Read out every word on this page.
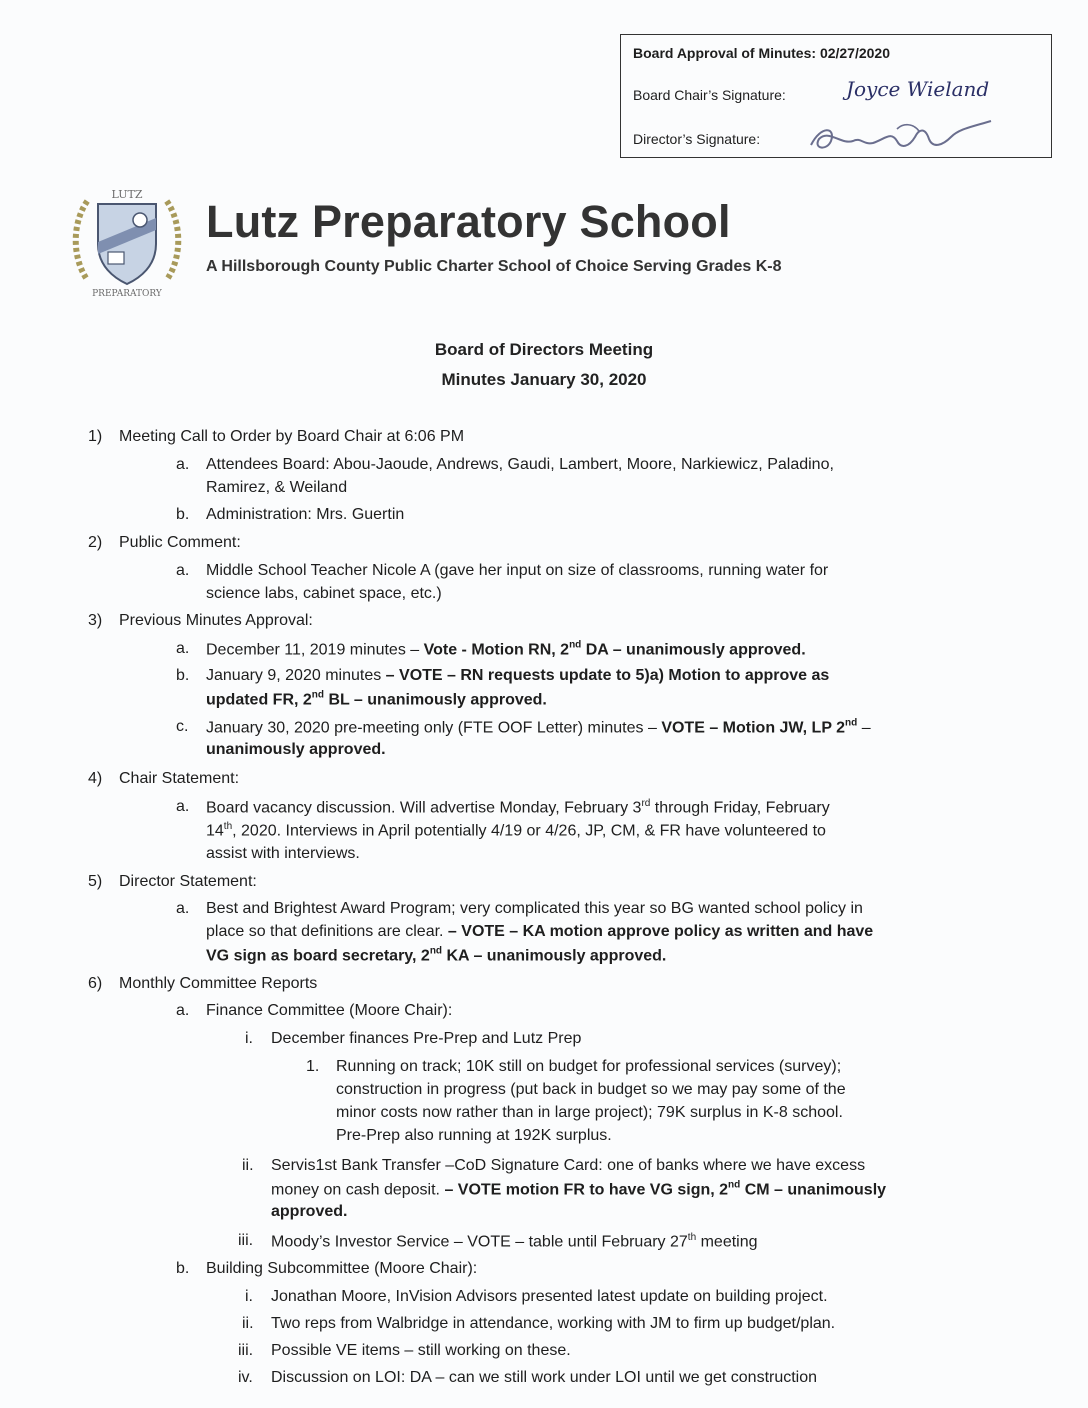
Board Approval of Minutes: 02/27/2020
Board Chair’s Signature:	Joyce Wieland
Director’s Signature:
LUTZ
PREPARATORY
Lutz Preparatory School
A Hillsborough County Public Charter School of Choice Serving Grades K-8
Board of Directors Meeting
Minutes January 30, 2020
1) Meeting Call to Order by Board Chair at 6:06 PM
a. Attendees Board: Abou-Jaoude, Andrews, Gaudi, Lambert, Moore, Narkiewicz, Paladino,
Ramirez, & Weiland
b. Administration: Mrs. Guertin
2) Public Comment:
a. Middle School Teacher Nicole A (gave her input on size of classrooms, running water for
science labs, cabinet space, etc.)
3) Previous Minutes Approval:
a. December 11, 2019 minutes – Vote - Motion RN, 2nd DA – unanimously approved.
b. January 9, 2020 minutes – VOTE – RN requests update to 5)a) Motion to approve as
updated FR, 2nd BL – unanimously approved.
c. January 30, 2020 pre-meeting only (FTE OOF Letter) minutes – VOTE – Motion JW, LP 2nd –
unanimously approved.
4) Chair Statement:
a. Board vacancy discussion. Will advertise Monday, February 3rd through Friday, February
14th, 2020. Interviews in April potentially 4/19 or 4/26, JP, CM, & FR have volunteered to
assist with interviews.
5) Director Statement:
a. Best and Brightest Award Program; very complicated this year so BG wanted school policy in
place so that definitions are clear. – VOTE – KA motion approve policy as written and have
VG sign as board secretary, 2nd KA – unanimously approved.
6) Monthly Committee Reports
a. Finance Committee (Moore Chair):
i. December finances Pre-Prep and Lutz Prep
1. Running on track; 10K still on budget for professional services (survey);
construction in progress (put back in budget so we may pay some of the
minor costs now rather than in large project); 79K surplus in K-8 school.
Pre-Prep also running at 192K surplus.
ii. Servis1st Bank Transfer –CoD Signature Card: one of banks where we have excess
money on cash deposit. – VOTE motion FR to have VG sign, 2nd CM – unanimously
approved.
iii. Moody’s Investor Service – VOTE – table until February 27th meeting
b. Building Subcommittee (Moore Chair):
i. Jonathan Moore, InVision Advisors presented latest update on building project.
ii. Two reps from Walbridge in attendance, working with JM to firm up budget/plan.
iii. Possible VE items – still working on these.
iv. Discussion on LOI: DA – can we still work under LOI until we get construction
